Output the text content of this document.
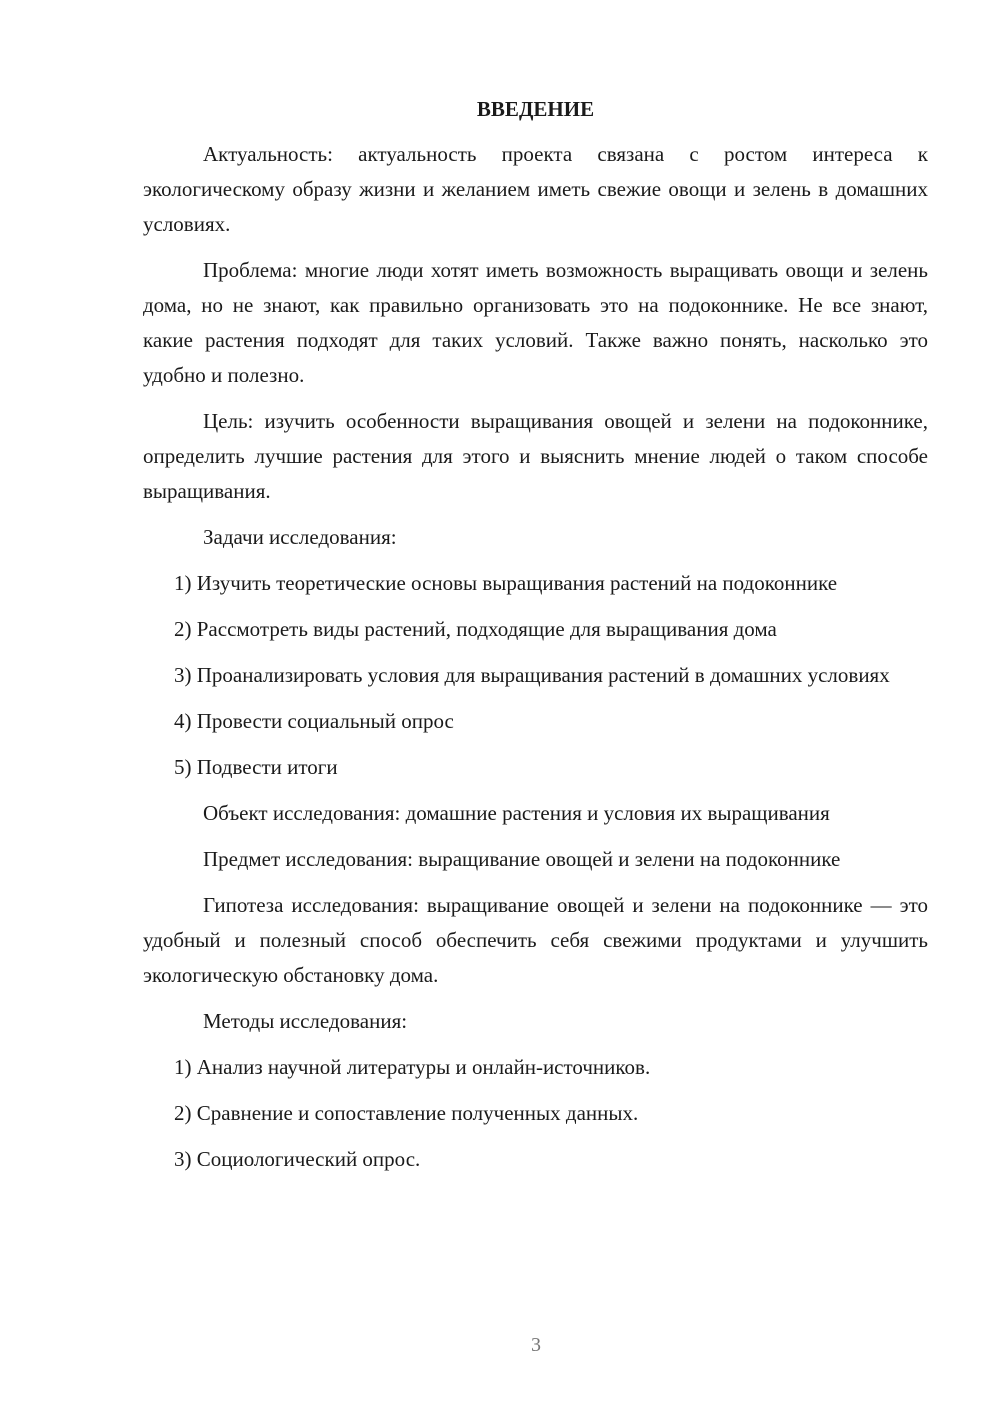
ВВЕДЕНИЕ

Актуальность: актуальность проекта связана с ростом интереса к экологическому образу жизни и желанием иметь свежие овощи и зелень в домашних условиях.

Проблема: многие люди хотят иметь возможность выращивать овощи и зелень дома, но не знают, как правильно организовать это на подоконнике. Не все знают, какие растения подходят для таких условий. Также важно понять, насколько это удобно и полезно.

Цель: изучить особенности выращивания овощей и зелени на подоконнике, определить лучшие растения для этого и выяснить мнение людей о таком способе выращивания.

Задачи исследования:

1) Изучить теоретические основы выращивания растений на подоконнике

2) Рассмотреть виды растений, подходящие для выращивания дома

3) Проанализировать условия для выращивания растений в домашних условиях

4) Провести социальный опрос

5) Подвести итоги

Объект исследования: домашние растения и условия их выращивания

Предмет исследования: выращивание овощей и зелени на подоконнике

Гипотеза исследования: выращивание овощей и зелени на подоконнике — это удобный и полезный способ обеспечить себя свежими продуктами и улучшить экологическую обстановку дома.

Методы исследования:

1) Анализ научной литературы и онлайн-источников.

2) Сравнение и сопоставление полученных данных.

3) Социологический опрос.

3
